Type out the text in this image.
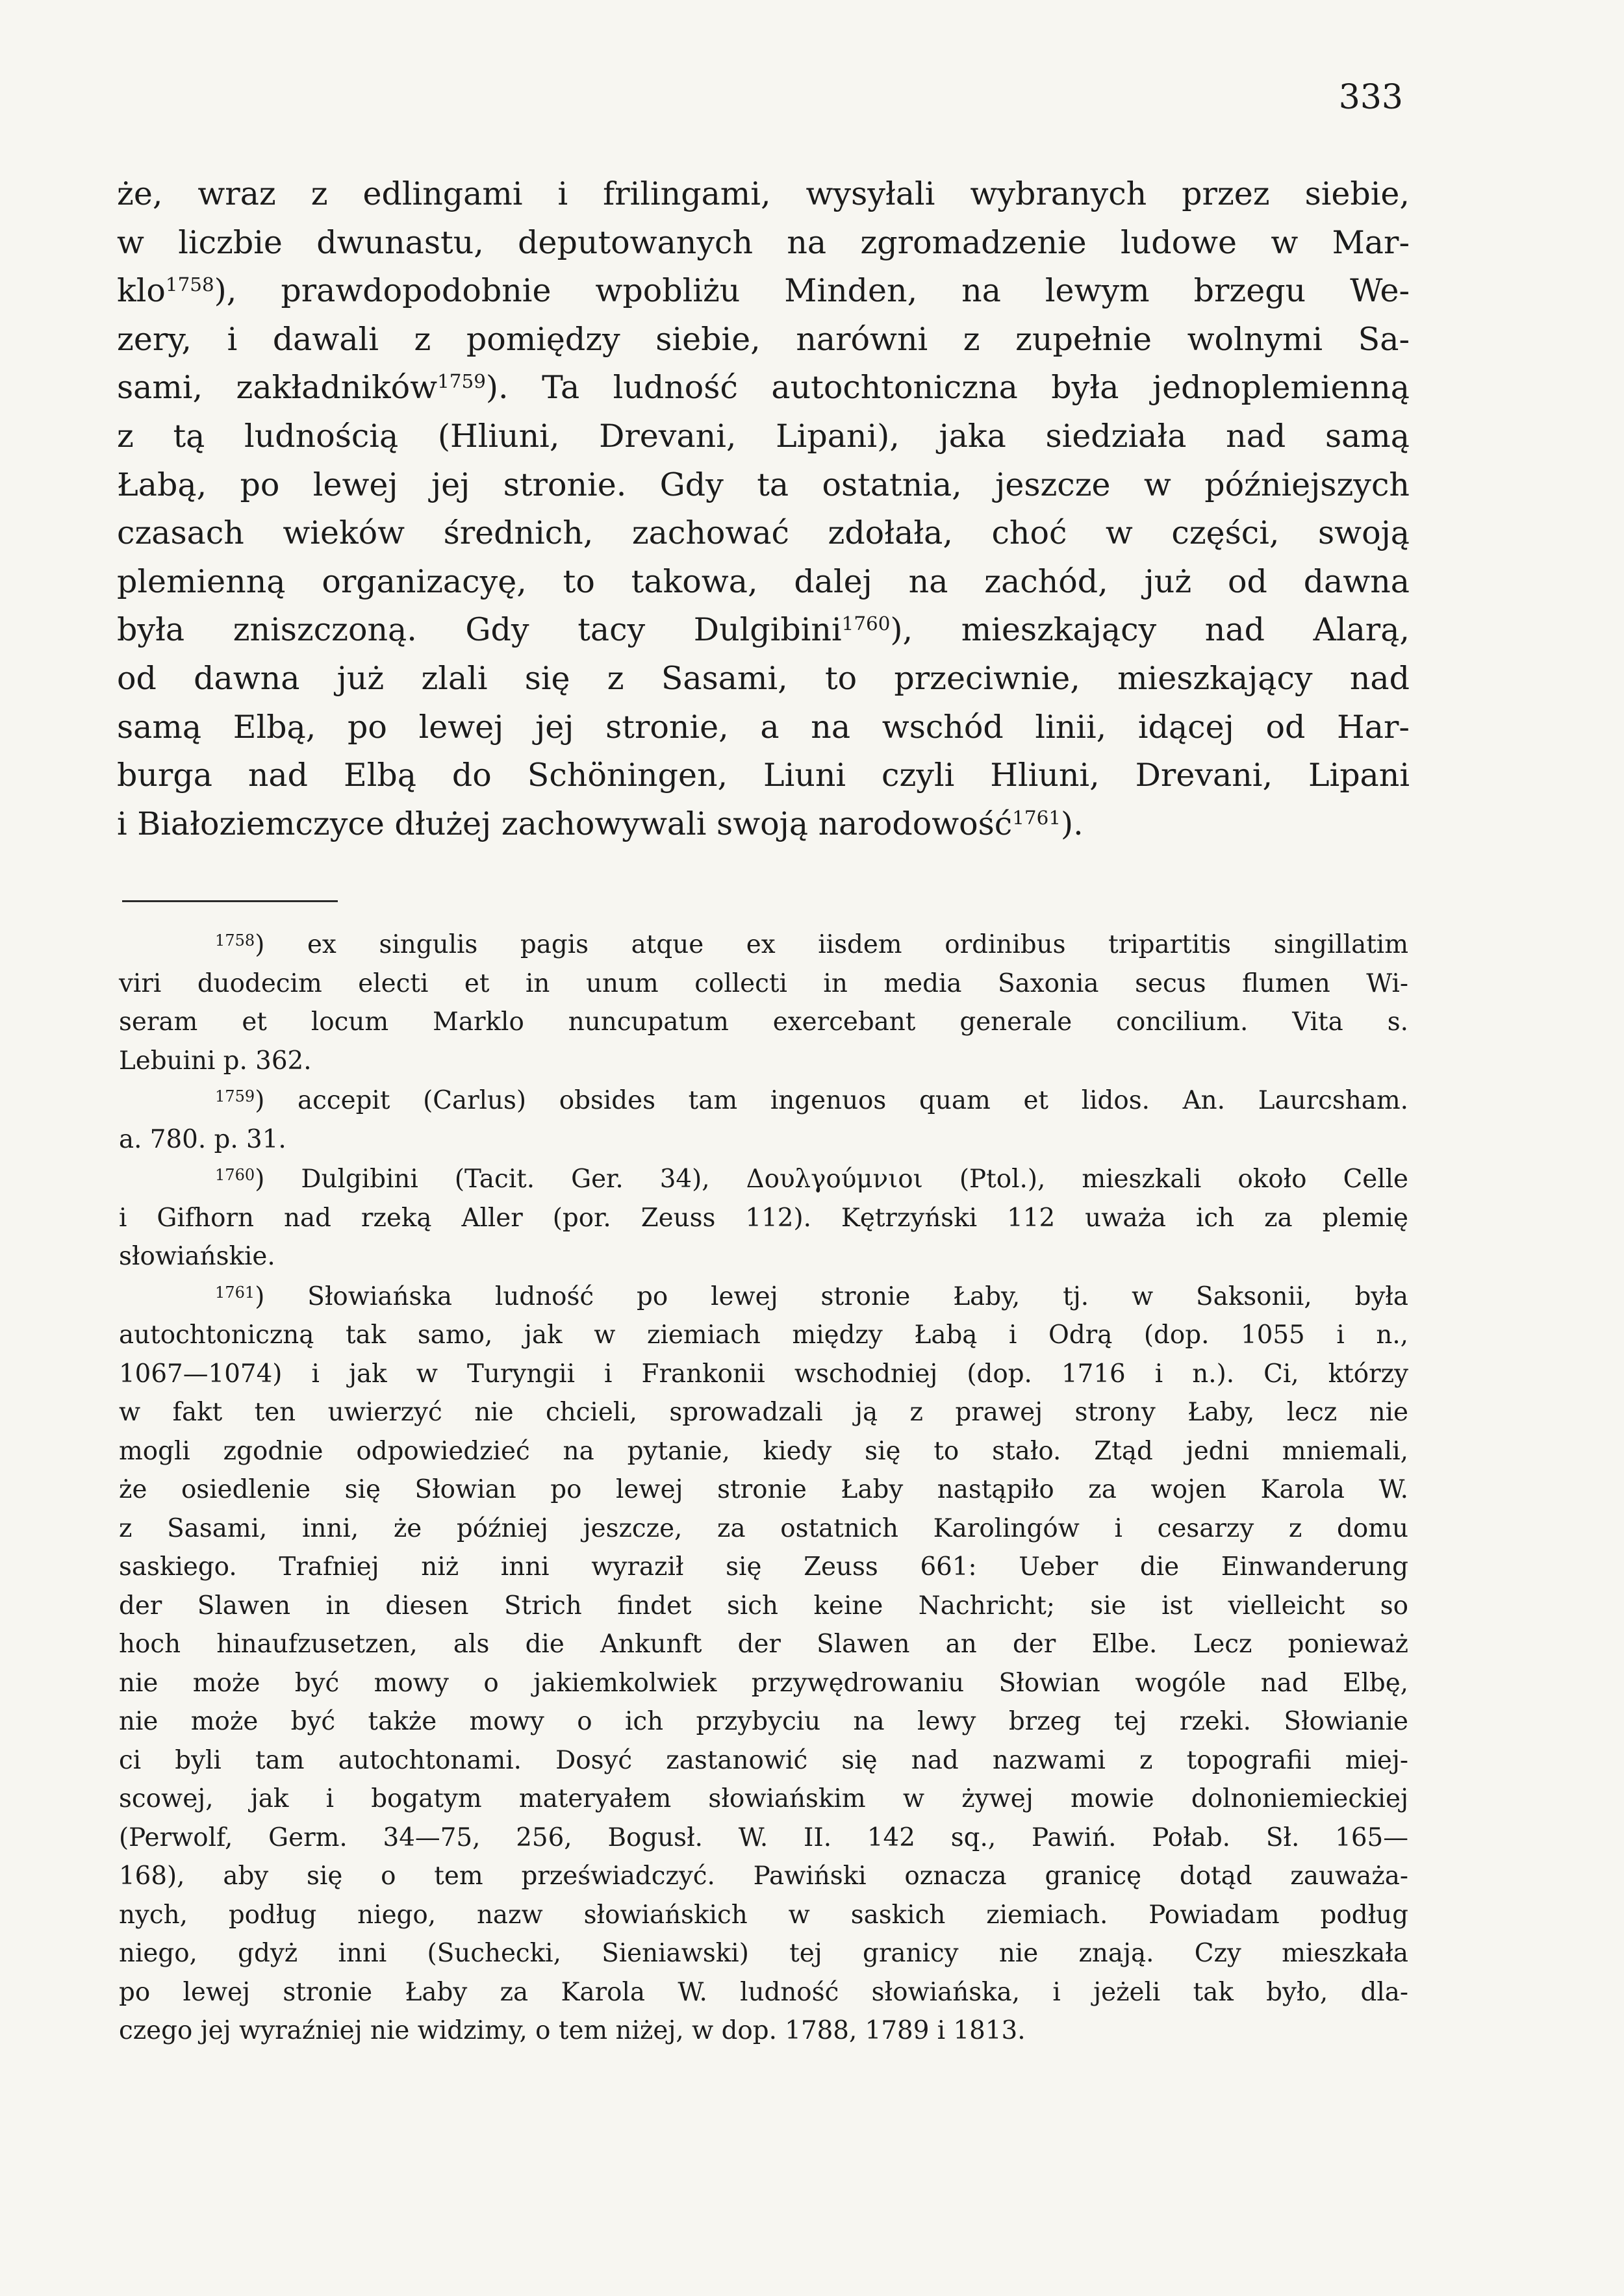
333
że, wraz z edlingami i frilingami, wysyłali wybranych przez siebie,
w liczbie dwunastu, deputowanych na zgromadzenie ludowe w Mar-
klo$^{1758}$), prawdopodobnie wpobliżu Minden, na lewym brzegu We-
zery, i dawali z pomiędzy siebie, narówni z zupełnie wolnymi Sa-
sami, zakładników$^{1759}$). Ta ludność autochtoniczna była jednoplemienną
z tą ludnością (Hliuni, Drevani, Lipani), jaka siedziała nad samą
Łabą, po lewej jej stronie. Gdy ta ostatnia, jeszcze w późniejszych
czasach wieków średnich, zachować zdołała, choć w części, swoją
plemienną organizacyę, to takowa, dalej na zachód, już od dawna
była zniszczoną. Gdy tacy Dulgibini$^{1760}$), mieszkający nad Alarą,
od dawna już zlali się z Sasami, to przeciwnie, mieszkający nad
samą Elbą, po lewej jej stronie, a na wschód linii, idącej od Har-
burga nad Elbą do Schöningen, Liuni czyli Hliuni, Drevani, Lipani
i Białoziemczyce dłużej zachowywali swoją narodowość$^{1761}$).
$^{1758}$) ex singulis pagis atque ex iisdem ordinibus tripartitis singillatim
viri duodecim electi et in unum collecti in media Saxonia secus flumen Wi-
seram et locum Marklo nuncupatum exercebant generale concilium. Vita s.
Lebuini p. 362.
$^{1759}$) accepit (Carlus) obsides tam ingenuos quam et lidos. An. Laurcsham.
a. 780. p. 31.
$^{1760}$) Dulgibini (Tacit. Ger. 34), Δουλγούμνιοι (Ptol.), mieszkali około Celle
i Gifhorn nad rzeką Aller (por. Zeuss 112). Kętrzyński 112 uważa ich za plemię
słowiańskie.
$^{1761}$) Słowiańska ludność po lewej stronie Łaby, tj. w Saksonii, była
autochtoniczną tak samo, jak w ziemiach między Łabą i Odrą (dop. 1055 i n.,
1067—1074) i jak w Turyngii i Frankonii wschodniej (dop. 1716 i n.). Ci, którzy
w fakt ten uwierzyć nie chcieli, sprowadzali ją z prawej strony Łaby, lecz nie
mogli zgodnie odpowiedzieć na pytanie, kiedy się to stało. Ztąd jedni mniemali,
że osiedlenie się Słowian po lewej stronie Łaby nastąpiło za wojen Karola W.
z Sasami, inni, że później jeszcze, za ostatnich Karolingów i cesarzy z domu
saskiego. Trafniej niż inni wyraził się Zeuss 661: Ueber die Einwanderung
der Slawen in diesen Strich findet sich keine Nachricht; sie ist vielleicht so
hoch hinaufzusetzen, als die Ankunft der Slawen an der Elbe. Lecz ponieważ
nie może być mowy o jakiemkolwiek przywędrowaniu Słowian wogóle nad Elbę,
nie może być także mowy o ich przybyciu na lewy brzeg tej rzeki. Słowianie
ci byli tam autochtonami. Dosyć zastanowić się nad nazwami z topografii miej-
scowej, jak i bogatym materyałem słowiańskim w żywej mowie dolnoniemieckiej
(Perwolf, Germ. 34—75, 256, Bogusł. W. II. 142 sq., Pawiń. Połab. Sł. 165—
168), aby się o tem przeświadczyć. Pawiński oznacza granicę dotąd zauważa-
nych, podług niego, nazw słowiańskich w saskich ziemiach. Powiadam podług
niego, gdyż inni (Suchecki, Sieniawski) tej granicy nie znają. Czy mieszkała
po lewej stronie Łaby za Karola W. ludność słowiańska, i jeżeli tak było, dla-
czego jej wyraźniej nie widzimy, o tem niżej, w dop. 1788, 1789 i 1813.
